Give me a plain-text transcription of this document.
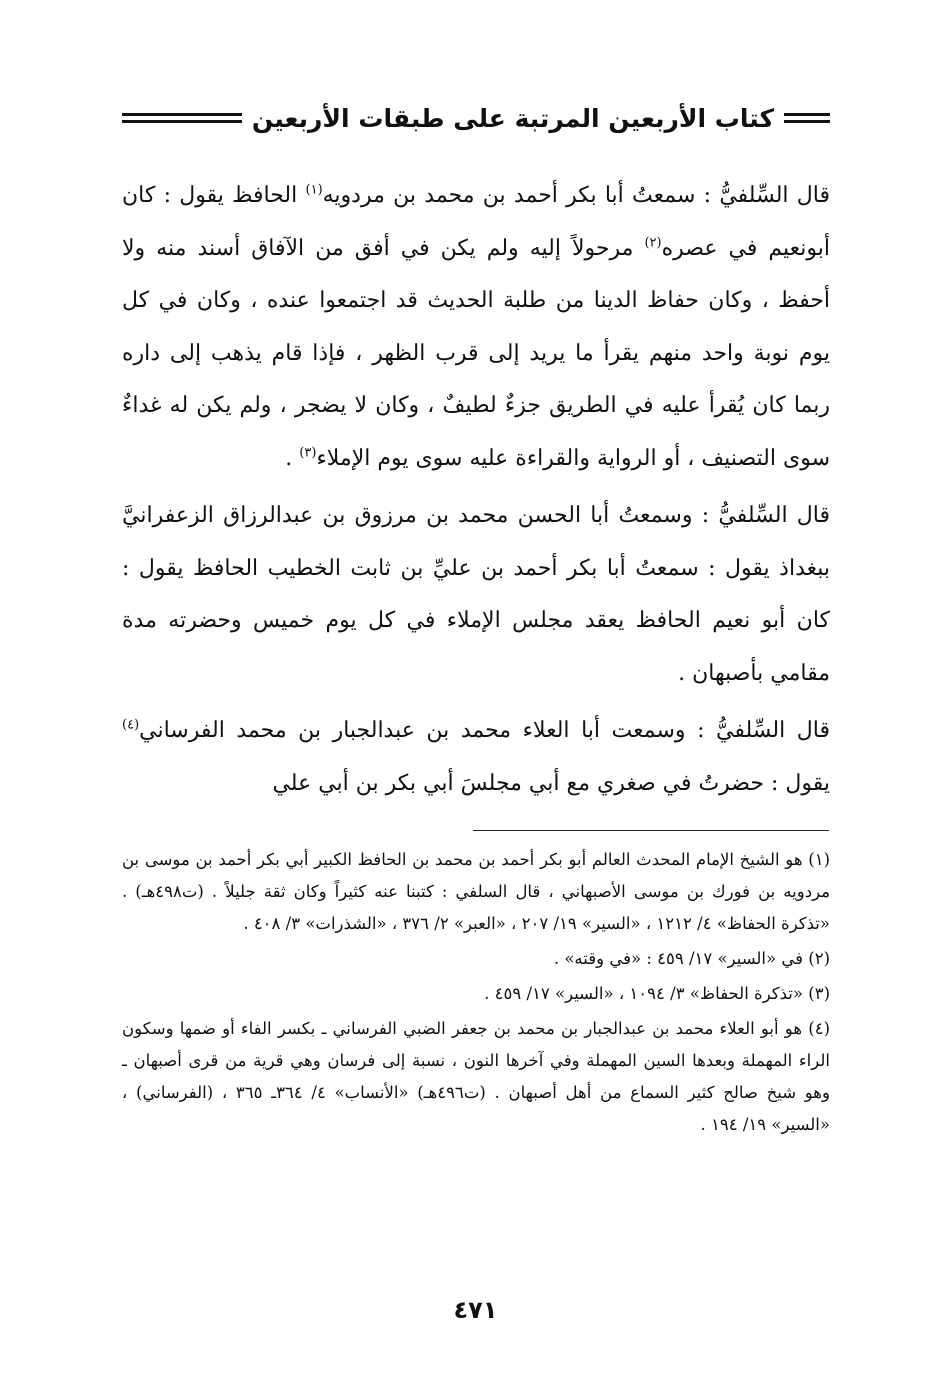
كتاب الأربعين المرتبة على طبقات الأربعين

قال السِّلفيُّ : سمعتُ أبا بكر أحمد بن محمد بن مردويه$^{(١)}$ الحافظ يقول : كان أبونعيم في عصره$^{(٢)}$ مرحولاً إليه ولم يكن في أفق من الآفاق أسند منه ولا أحفظ ، وكان حفاظ الدينا من طلبة الحديث قد اجتمعوا عنده ، وكان في كل يوم نوبة واحد منهم يقرأ ما يريد إلى قرب الظهر ، فإذا قام يذهب إلى داره ربما كان يُقرأ عليه في الطريق جزءٌ لطيفٌ ، وكان لا يضجر ، ولم يكن له غداءٌ سوى التصنيف ، أو الرواية والقراءة عليه سوى يوم الإملاء$^{(٣)}$ .

قال السِّلفيُّ : وسمعتُ أبا الحسن محمد بن مرزوق بن عبدالرزاق الزعفرانيَّ ببغداذ يقول : سمعتُ أبا بكر أحمد بن عليِّ بن ثابت الخطيب الحافظ يقول : كان أبو نعيم الحافظ يعقد مجلس الإملاء في كل يوم خميس وحضرته مدة مقامي بأصبهان .

قال السِّلفيُّ : وسمعت أبا العلاء محمد بن عبدالجبار بن محمد الفرساني$^{(٤)}$ يقول : حضرتُ في صغري مع أبي مجلسَ أبي بكر بن أبي علي

(١) هو الشيخ الإمام المحدث العالم أبو بكر أحمد بن محمد بن الحافظ الكبير أبي بكر أحمد بن موسى بن مردويه بن فورك بن موسى الأصبهاني ، قال السلفي : كتبنا عنه كثيراً وكان ثقة جليلاً . (ت٤٩٨هـ) . «تذكرة الحفاظ» ٤/ ١٢١٢ ، «السير» ١٩/ ٢٠٧ ، «العبر» ٢/ ٣٧٦ ، «الشذرات» ٣/ ٤٠٨ .

(٢) في «السير» ١٧/ ٤٥٩ : «في وقته» .

(٣) «تذكرة الحفاظ» ٣/ ١٠٩٤ ، «السير» ١٧/ ٤٥٩ .

(٤) هو أبو العلاء محمد بن عبدالجبار بن محمد بن جعفر الضبي الفرساني ـ بكسر الفاء أو ضمها وسكون الراء المهملة وبعدها السين المهملة وفي آخرها النون ، نسبة إلى فرسان وهي قرية من قرى أصبهان ـ وهو شيخ صالح كثير السماع من أهل أصبهان . (ت٤٩٦هـ) «الأنساب» ٤/ ٣٦٤ـ ٣٦٥ ، (الفرساني) ، «السير» ١٩/ ١٩٤ .

٤٧١
